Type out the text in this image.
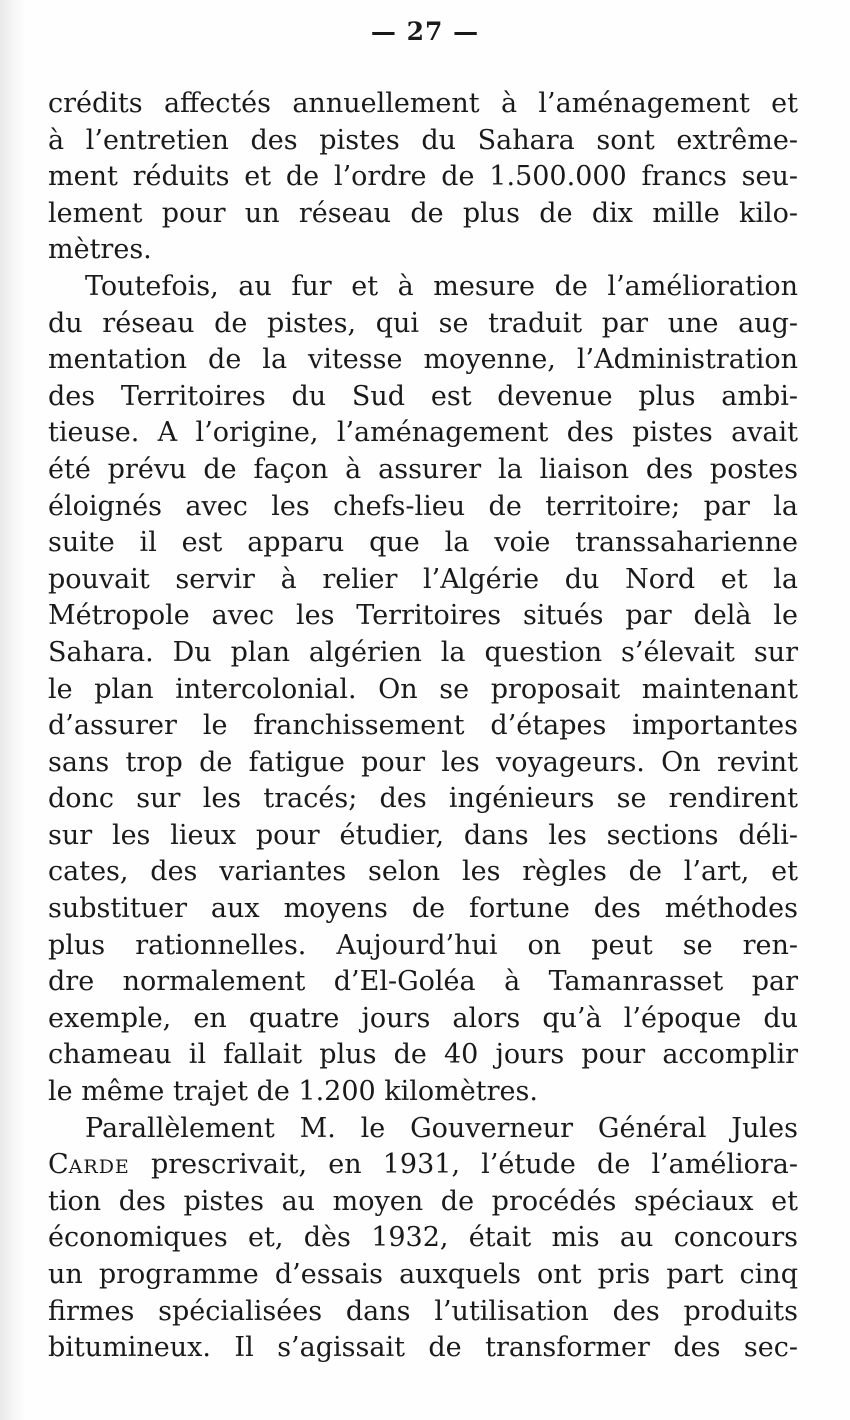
— 27 —
crédits affectés annuellement à l’aménagement et
à l’entretien des pistes du Sahara sont extrême-
ment réduits et de l’ordre de 1.500.000 francs seu-
lement pour un réseau de plus de dix mille kilo-
mètres.
Toutefois, au fur et à mesure de l’amélioration
du réseau de pistes, qui se traduit par une aug-
mentation de la vitesse moyenne, l’Administration
des Territoires du Sud est devenue plus ambi-
tieuse. A l’origine, l’aménagement des pistes avait
été prévu de façon à assurer la liaison des postes
éloignés avec les chefs-lieu de territoire; par la
suite il est apparu que la voie transsaharienne
pouvait servir à relier l’Algérie du Nord et la
Métropole avec les Territoires situés par delà le
Sahara. Du plan algérien la question s’élevait sur
le plan intercolonial. On se proposait maintenant
d’assurer le franchissement d’étapes importantes
sans trop de fatigue pour les voyageurs. On revint
donc sur les tracés; des ingénieurs se rendirent
sur les lieux pour étudier, dans les sections déli-
cates, des variantes selon les règles de l’art, et
substituer aux moyens de fortune des méthodes
plus rationnelles. Aujourd’hui on peut se ren-
dre normalement d’El-Goléa à Tamanrasset par
exemple, en quatre jours alors qu’à l’époque du
chameau il fallait plus de 40 jours pour accomplir
le même trajet de 1.200 kilomètres.
Parallèlement M. le Gouverneur Général Jules
CARDE prescrivait, en 1931, l’étude de l’améliora-
tion des pistes au moyen de procédés spéciaux et
économiques et, dès 1932, était mis au concours
un programme d’essais auxquels ont pris part cinq
firmes spécialisées dans l’utilisation des produits
bitumineux. Il s’agissait de transformer des sec-
